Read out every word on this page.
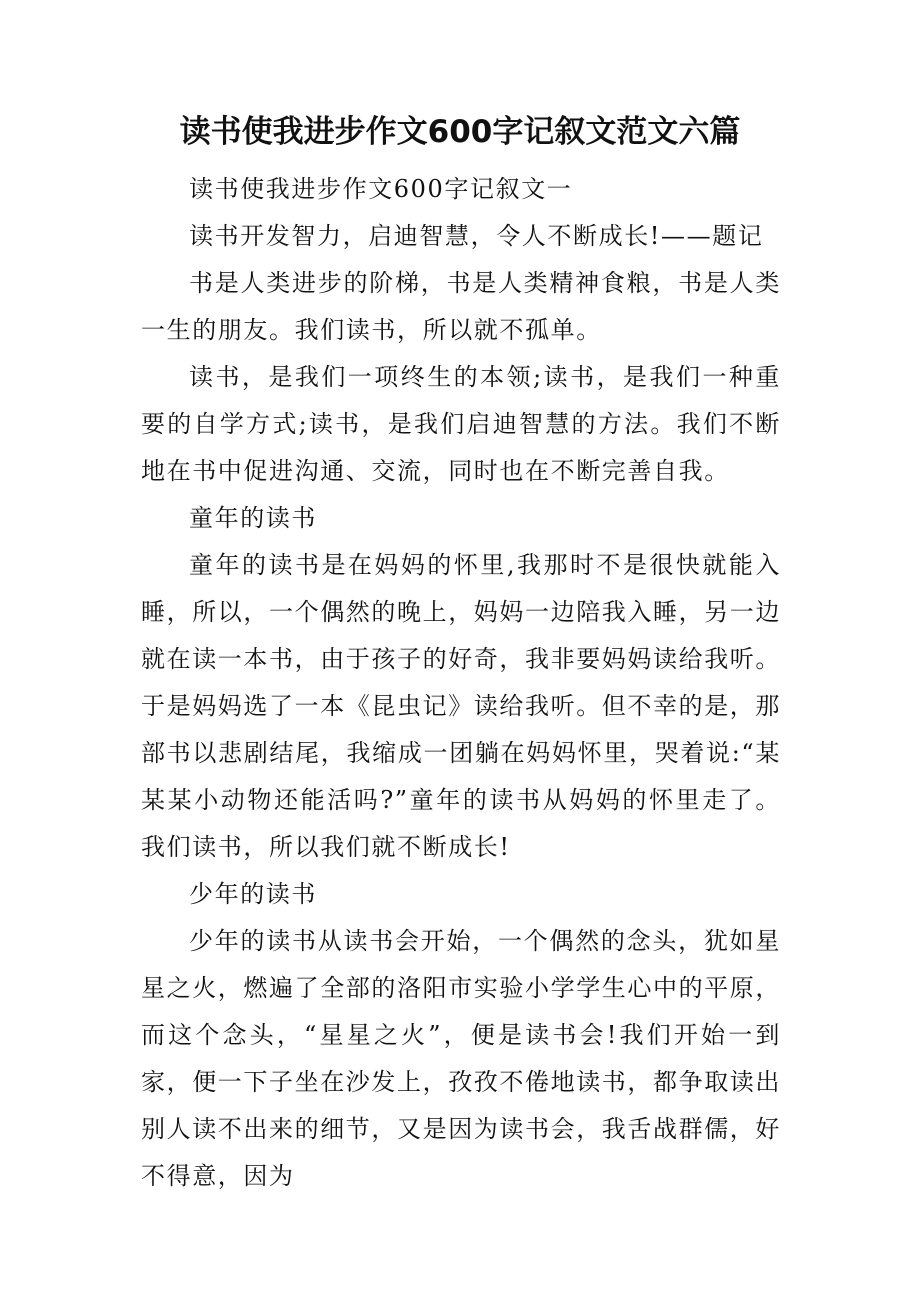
读书使我进步作文600字记叙文范文六篇

读书使我进步作文600字记叙文一

读书开发智力，启迪智慧，令人不断成长!——题记

书是人类进步的阶梯，书是人类精神食粮，书是人类一生的朋友。我们读书，所以就不孤单。

读书，是我们一项终生的本领;读书，是我们一种重要的自学方式;读书，是我们启迪智慧的方法。我们不断地在书中促进沟通、交流，同时也在不断完善自我。

童年的读书

童年的读书是在妈妈的怀里,我那时不是很快就能入睡，所以，一个偶然的晚上，妈妈一边陪我入睡，另一边就在读一本书，由于孩子的好奇，我非要妈妈读给我听。于是妈妈选了一本《昆虫记》读给我听。但不幸的是，那部书以悲剧结尾，我缩成一团躺在妈妈怀里，哭着说:“某某某小动物还能活吗?”童年的读书从妈妈的怀里走了。我们读书，所以我们就不断成长!

少年的读书

少年的读书从读书会开始，一个偶然的念头，犹如星星之火，燃遍了全部的洛阳市实验小学学生心中的平原，而这个念头，“星星之火”，便是读书会!我们开始一到家，便一下子坐在沙发上，孜孜不倦地读书，都争取读出别人读不出来的细节，又是因为读书会，我舌战群儒，好不得意，因为
